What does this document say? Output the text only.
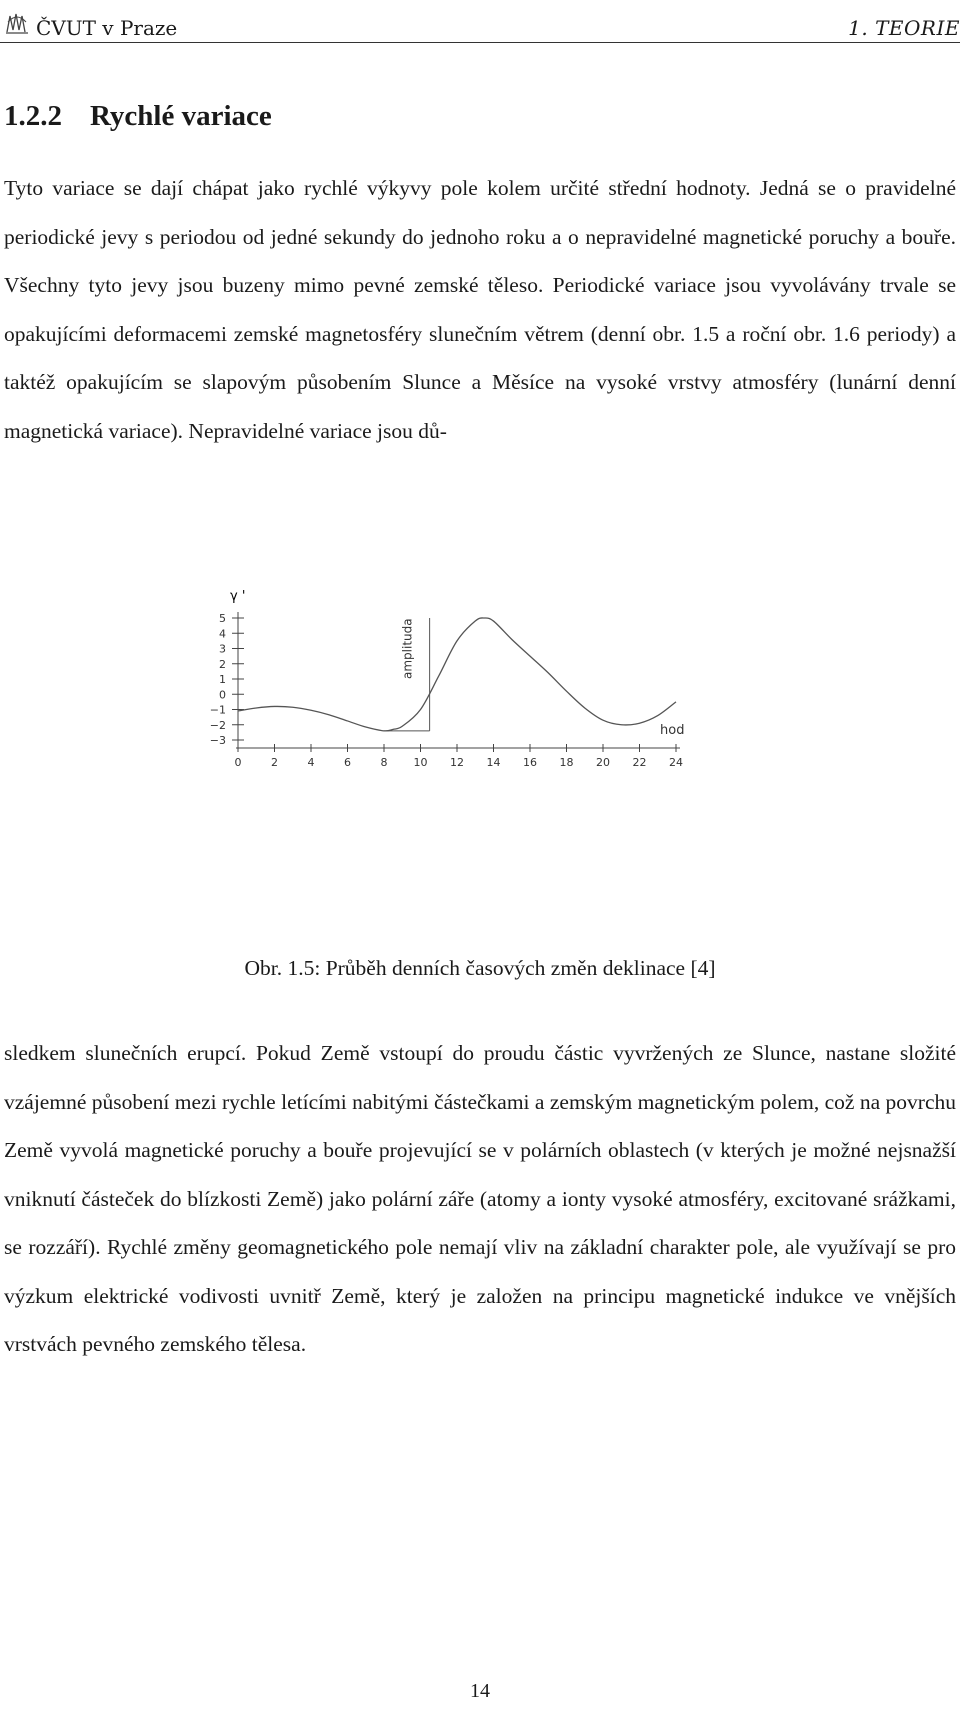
ČVUT v Praze	1. TEORIE
1.2.2 Rychlé variace

Tyto variace se dají chápat jako rychlé výkyvy pole kolem určité střední hodnoty. Jedná se o pravidelné periodické jevy s periodou od jedné sekundy do jednoho roku a o nepravidelné magnetické poruchy a bouře. Všechny tyto jevy jsou buzeny mimo pevné zemské těleso. Periodické variace jsou vyvolávány trvale se opakujícími deformacemi zemské magnetosféry slunečním větrem (denní obr. 1.5 a roční obr. 1.6 periody) a taktéž opakujícím se slapovým působením Slunce a Měsíce na vysoké vrstvy atmosféry (lunární denní magnetická variace). Nepravidelné variace jsou dů-

5
4
3
2
1
0
−1
−2
−3
0	2	4	6	8 10 12 14 16 18 20 22 24
γ '
hod
amplituda
Obr. 1.5: Průběh denních časových změn deklinace [4]

sledkem slunečních erupcí. Pokud Země vstoupí do proudu částic vyvržených ze Slunce, nastane složité vzájemné působení mezi rychle letícími nabitými částečkami a zemským magnetickým polem, což na povrchu Země vyvolá magnetické poruchy a bouře projevující se v polárních oblastech (v kterých je možné nejsnažší vniknutí částeček do blízkosti Země) jako polární záře (atomy a ionty vysoké atmosféry, excitované srážkami, se rozzáří). Rychlé změny geomagnetického pole nemají vliv na základní charakter pole, ale využívají se pro výzkum elektrické vodivosti uvnitř Země, který je založen na principu magnetické indukce ve vnějších vrstvách pevného zemského tělesa.

14
